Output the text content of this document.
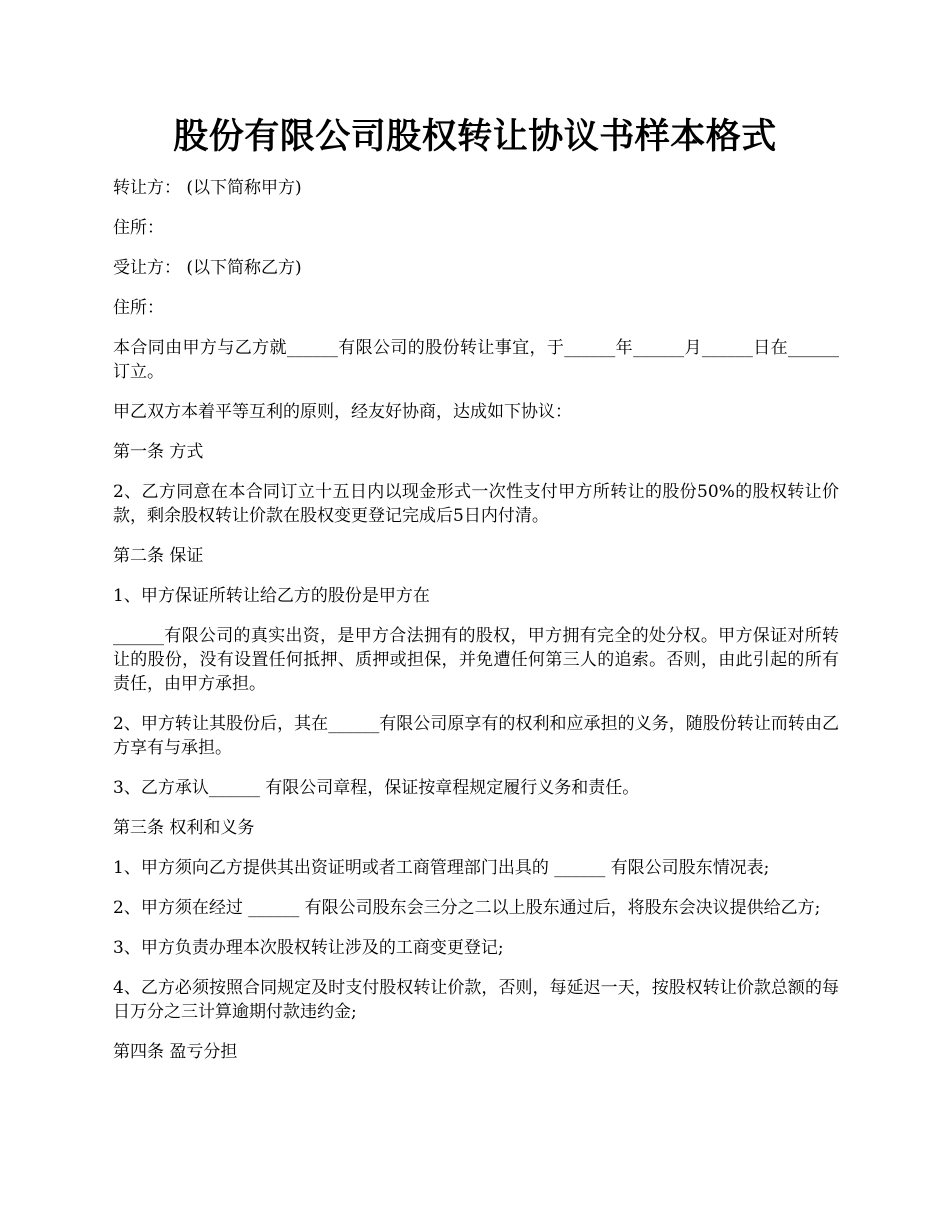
股份有限公司股权转让协议书样本格式

转让方： (以下简称甲方)

住所：

受让方： (以下简称乙方)

住所：

本合同由甲方与乙方就______有限公司的股份转让事宜，于______年______月______日在______订立。

甲乙双方本着平等互利的原则，经友好协商，达成如下协议：

第一条 方式

2、乙方同意在本合同订立十五日内以现金形式一次性支付甲方所转让的股份50%的股权转让价款，剩余股权转让价款在股权变更登记完成后5日内付清。

第二条 保证

1、甲方保证所转让给乙方的股份是甲方在

______有限公司的真实出资，是甲方合法拥有的股权，甲方拥有完全的处分权。甲方保证对所转让的股份，没有设置任何抵押、质押或担保，并免遭任何第三人的追索。否则，由此引起的所有责任，由甲方承担。

2、甲方转让其股份后，其在______有限公司原享有的权利和应承担的义务，随股份转让而转由乙方享有与承担。

3、乙方承认______ 有限公司章程，保证按章程规定履行义务和责任。

第三条 权利和义务

1、甲方须向乙方提供其出资证明或者工商管理部门出具的 ______ 有限公司股东情况表;

2、甲方须在经过 ______ 有限公司股东会三分之二以上股东通过后，将股东会决议提供给乙方;

3、甲方负责办理本次股权转让涉及的工商变更登记;

4、乙方必须按照合同规定及时支付股权转让价款，否则，每延迟一天，按股权转让价款总额的每日万分之三计算逾期付款违约金;

第四条 盈亏分担
